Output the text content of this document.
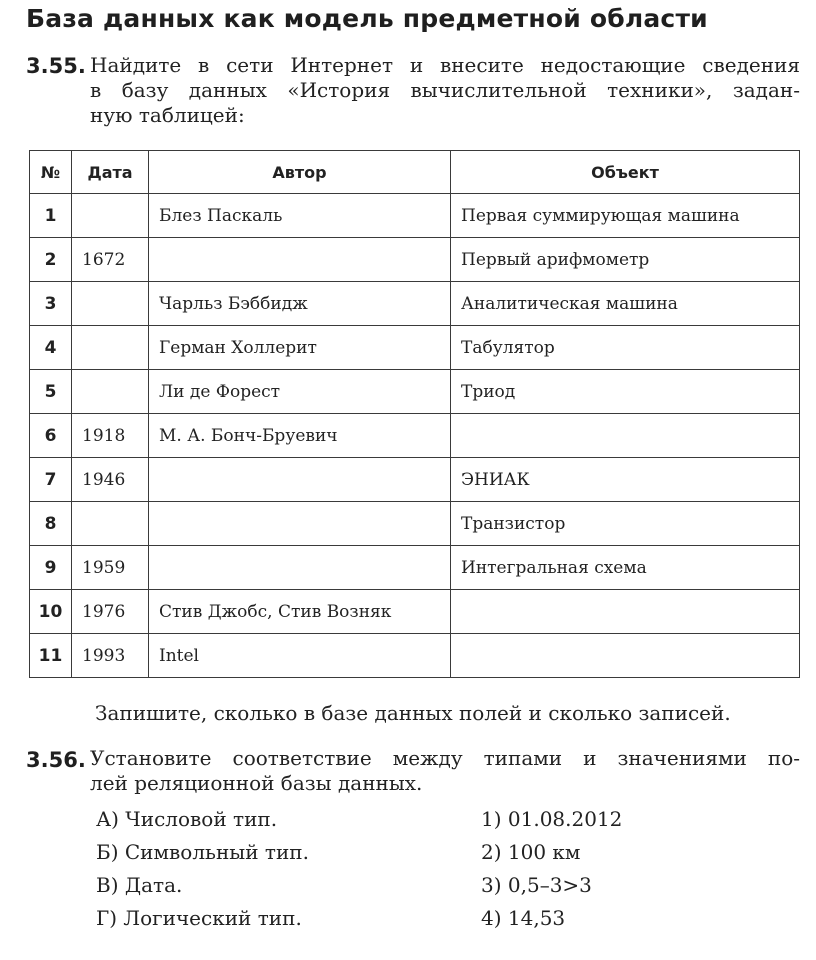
База данных как модель предметной области
3.55. Найдите в сети Интернет и внесите недостающие сведения
в базу данных «История вычислительной техники», задан-
ную таблицей:
№	Дата	Автор	Объект
1		Блез Паскаль	Первая суммирующая машина
2	1672		Первый арифмометр
3		Чарльз Бэббидж	Аналитическая машина
4		Герман Холлерит	Табулятор
5		Ли де Форест	Триод
6	1918	М. А. Бонч-Бруевич	
7	1946		ЭНИАК
8			Транзистор
9	1959		Интегральная схема
10	1976	Стив Джобс, Стив Возняк	
11	1993	Intel	
Запишите, сколько в базе данных полей и сколько записей.
3.56. Установите соответствие между типами и значениями по-
лей реляционной базы данных.
А) Числовой тип.
Б) Символьный тип.
В) Дата.
Г) Логический тип.
1) 01.08.2012
2) 100 км
3) 0,5–3>3
4) 14,53
